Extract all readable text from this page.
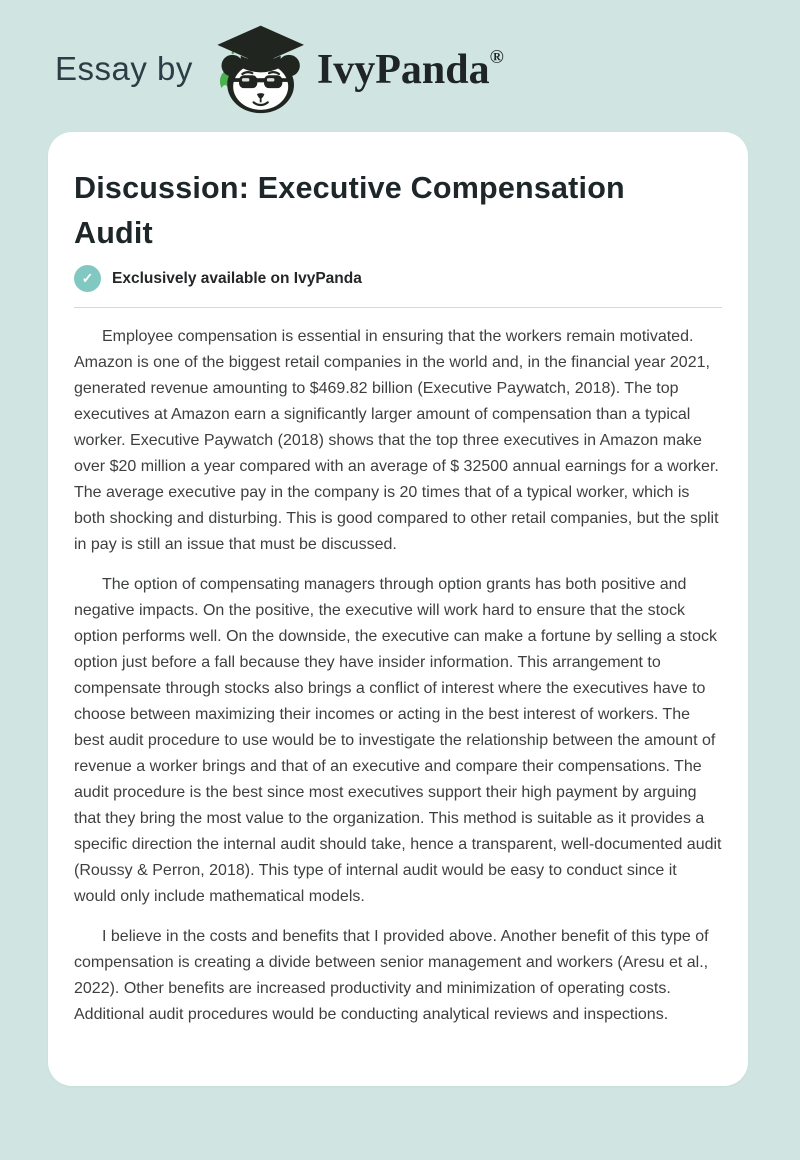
Essay by	IvyPanda®
Discussion: Executive Compensation Audit
✓	Exclusively available on IvyPanda

Employee compensation is essential in ensuring that the workers remain motivated. Amazon is one of the biggest retail companies in the world and, in the financial year 2021, generated revenue amounting to $469.82 billion (Executive Paywatch, 2018). The top executives at Amazon earn a significantly larger amount of compensation than a typical worker. Executive Paywatch (2018) shows that the top three executives in Amazon make over $20 million a year compared with an average of $ 32500 annual earnings for a worker. The average executive pay in the company is 20 times that of a typical worker, which is both shocking and disturbing. This is good compared to other retail companies, but the split in pay is still an issue that must be discussed.

The option of compensating managers through option grants has both positive and negative impacts. On the positive, the executive will work hard to ensure that the stock option performs well. On the downside, the executive can make a fortune by selling a stock option just before a fall because they have insider information. This arrangement to compensate through stocks also brings a conflict of interest where the executives have to choose between maximizing their incomes or acting in the best interest of workers. The best audit procedure to use would be to investigate the relationship between the amount of revenue a worker brings and that of an executive and compare their compensations. The audit procedure is the best since most executives support their high payment by arguing that they bring the most value to the organization. This method is suitable as it provides a specific direction the internal audit should take, hence a transparent, well-documented audit (Roussy & Perron, 2018). This type of internal audit would be easy to conduct since it would only include mathematical models.

I believe in the costs and benefits that I provided above. Another benefit of this type of compensation is creating a divide between senior management and workers (Aresu et al., 2022). Other benefits are increased productivity and minimization of operating costs. Additional audit procedures would be conducting analytical reviews and inspections.
